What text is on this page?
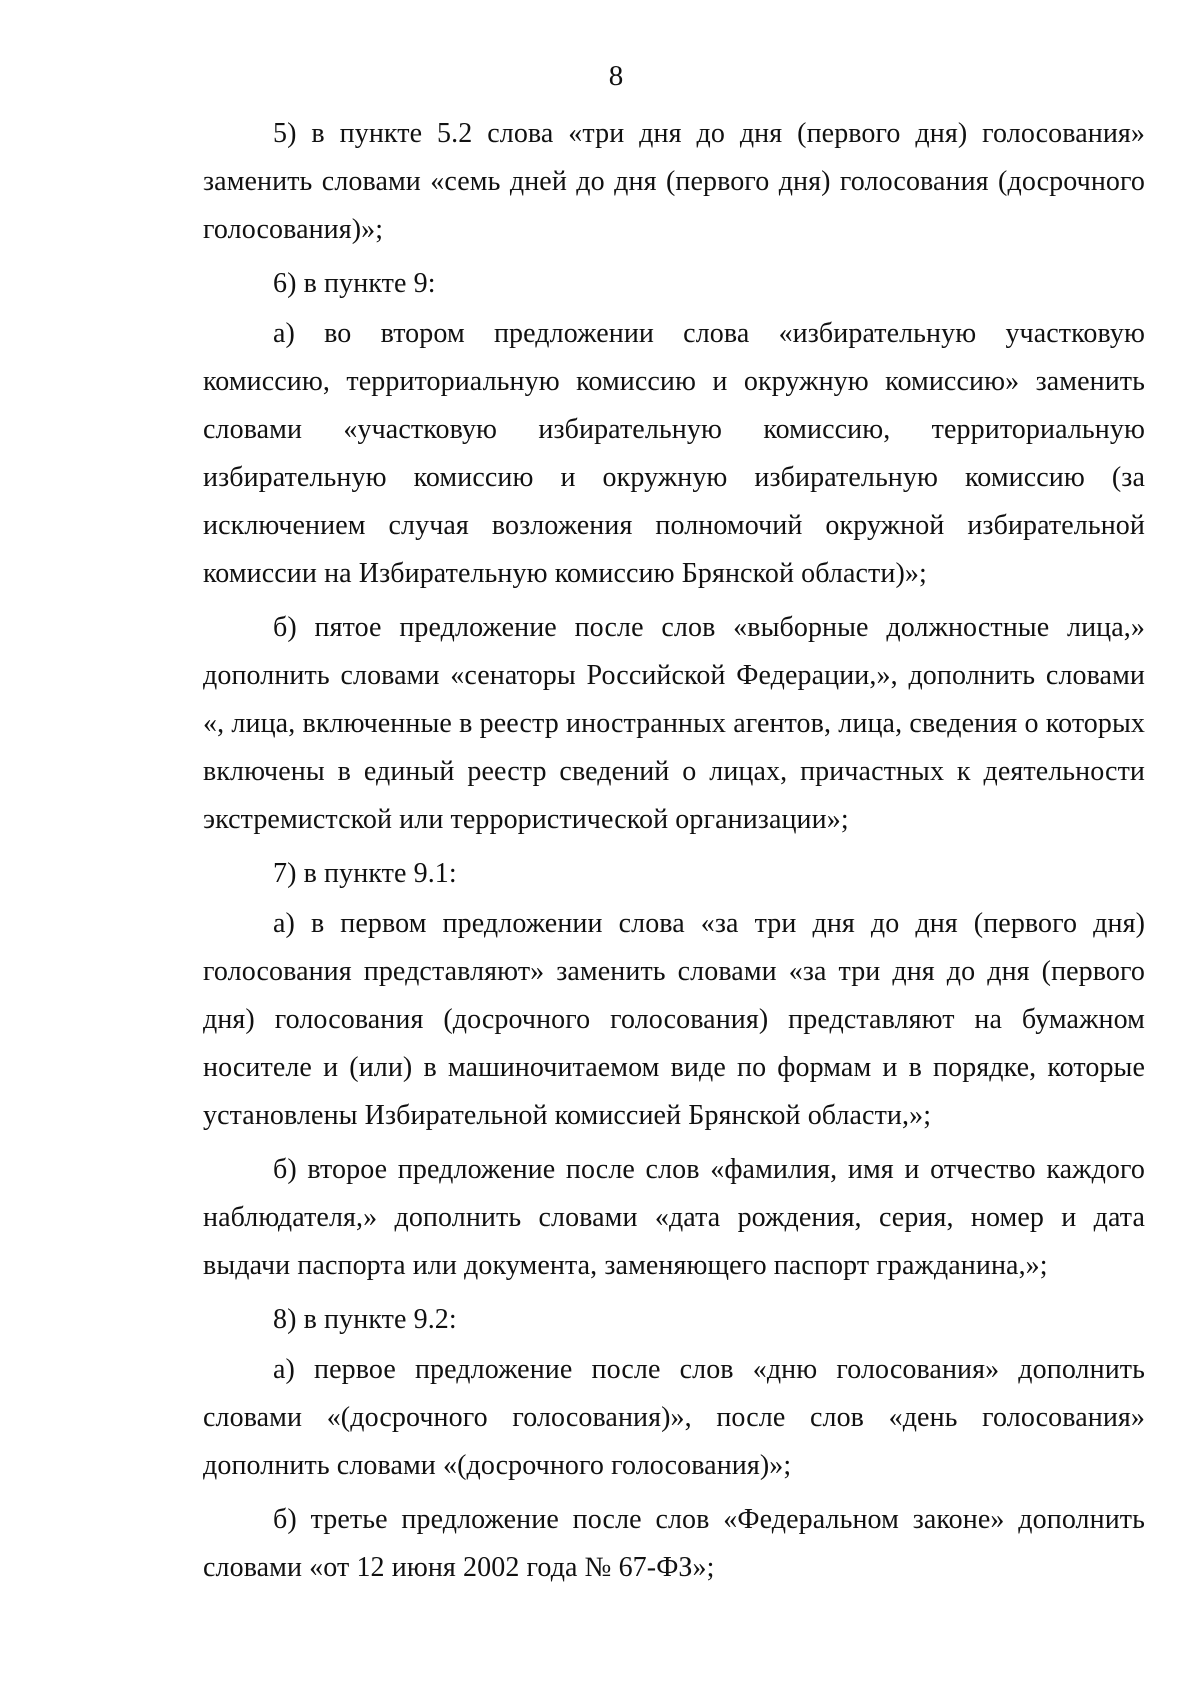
8

5) в пункте 5.2 слова «три дня до дня (первого дня) голосования» заменить словами «семь дней до дня (первого дня) голосования (досрочного голосования)»;

6) в пункте 9:

а) во втором предложении слова «избирательную участковую комиссию, территориальную комиссию и окружную комиссию» заменить словами «участковую избирательную комиссию, территориальную избирательную комиссию и окружную избирательную комиссию (за исключением случая возложения полномочий окружной избирательной комиссии на Избирательную комиссию Брянской области)»;

б) пятое предложение после слов «выборные должностные лица,» дополнить словами «сенаторы Российской Федерации,», дополнить словами «, лица, включенные в реестр иностранных агентов, лица, сведения о которых включены в единый реестр сведений о лицах, причастных к деятельности экстремистской или террористической организации»;

7) в пункте 9.1:

а) в первом предложении слова «за три дня до дня (первого дня) голосования представляют» заменить словами «за три дня до дня (первого дня) голосования (досрочного голосования) представляют на бумажном носителе и (или) в машиночитаемом виде по формам и в порядке, которые установлены Избирательной комиссией Брянской области,»;

б) второе предложение после слов «фамилия, имя и отчество каждого наблюдателя,» дополнить словами «дата рождения, серия, номер и дата выдачи паспорта или документа, заменяющего паспорт гражданина,»;

8) в пункте 9.2:

а) первое предложение после слов «дню голосования» дополнить словами «(досрочного голосования)», после слов «день голосования» дополнить словами «(досрочного голосования)»;

б) третье предложение после слов «Федеральном законе» дополнить словами «от 12 июня 2002 года № 67-ФЗ»;
